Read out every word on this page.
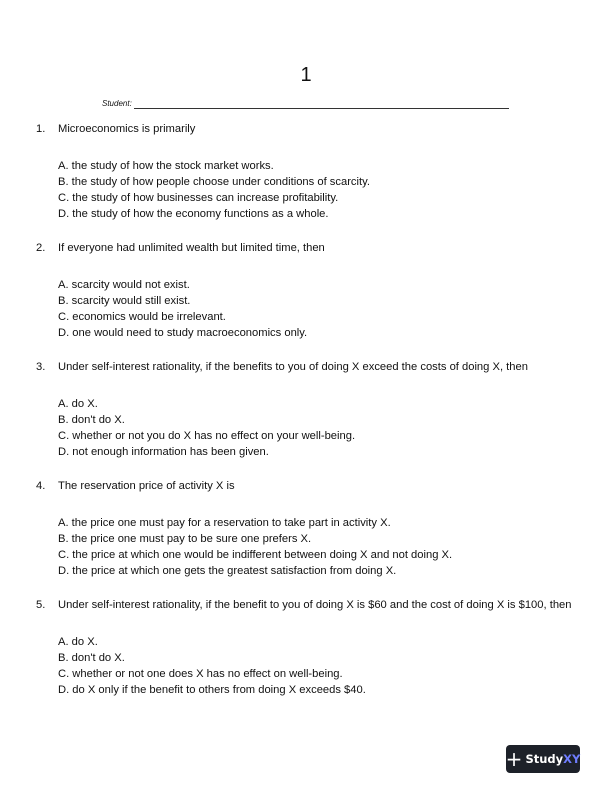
1
Student:
1.	Microeconomics is primarily
A. the study of how the stock market works.
B. the study of how people choose under conditions of scarcity.
C. the study of how businesses can increase profitability.
D. the study of how the economy functions as a whole.
2.	If everyone had unlimited wealth but limited time, then
A. scarcity would not exist.
B. scarcity would still exist.
C. economics would be irrelevant.
D. one would need to study macroeconomics only.
3.	Under self-interest rationality, if the benefits to you of doing X exceed the costs of doing X, then
A. do X.
B. don't do X.
C. whether or not you do X has no effect on your well-being.
D. not enough information has been given.
4.	The reservation price of activity X is
A. the price one must pay for a reservation to take part in activity X.
B. the price one must pay to be sure one prefers X.
C. the price at which one would be indifferent between doing X and not doing X.
D. the price at which one gets the greatest satisfaction from doing X.
5.	Under self-interest rationality, if the benefit to you of doing X is $60 and the cost of doing X is $100, then
A. do X.
B. don't do X.
C. whether or not one does X has no effect on well-being.
D. do X only if the benefit to others from doing X exceeds $40.
+ Study XY
